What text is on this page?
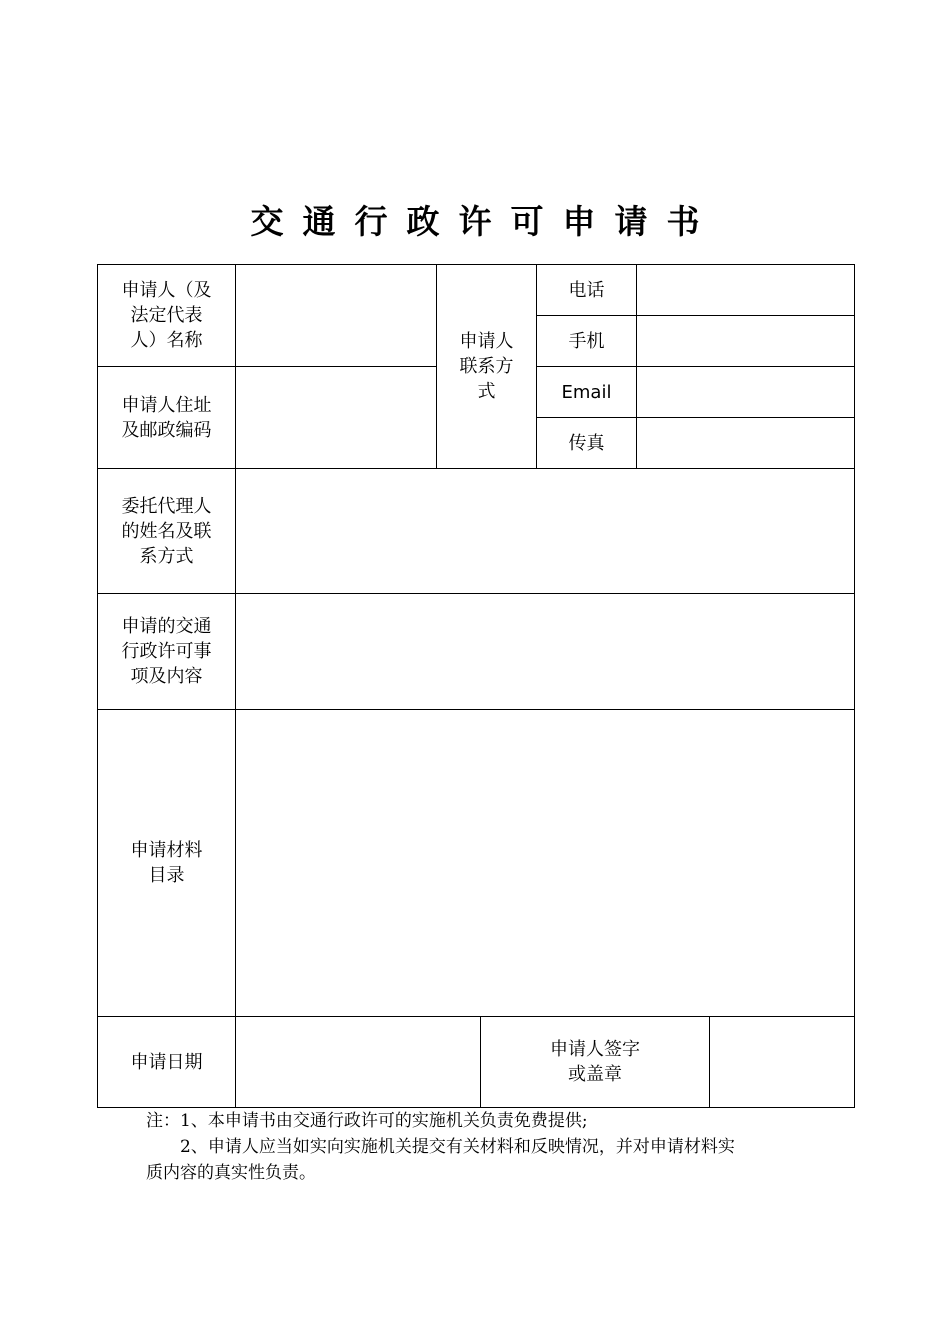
交通行政许可申请书
申请人（及法定代表人）名称		申请人联系方式		电话		
				手机		
申请人住址及邮政编码				Email		
				传真		
委托代理人的姓名及联系方式						
申请的交通行政许可事项及内容						
申请材料目录						
申请日期			申请人签字或盖章			

注：1、本申请书由交通行政许可的实施机关负责免费提供;

2、申请人应当如实向实施机关提交有关材料和反映情况，并对申请材料实

质内容的真实性负责。
